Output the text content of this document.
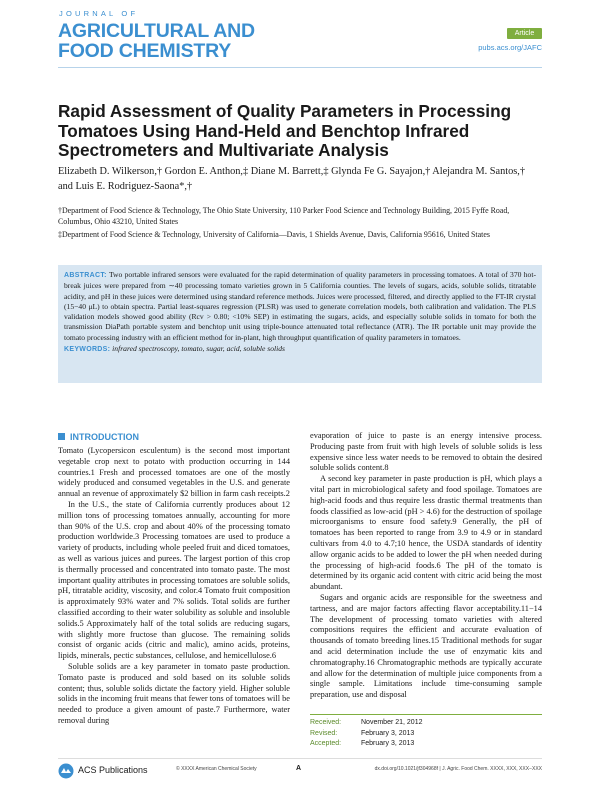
JOURNAL OF
AGRICULTURAL AND
FOOD CHEMISTRY
Article
pubs.acs.org/JAFC
Rapid Assessment of Quality Parameters in Processing Tomatoes Using Hand-Held and Benchtop Infrared Spectrometers and Multivariate Analysis
Elizabeth D. Wilkerson,† Gordon E. Anthon,‡ Diane M. Barrett,‡ Glynda Fe G. Sayajon,† Alejandra M. Santos,† and Luis E. Rodriguez-Saona*,†
†Department of Food Science & Technology, The Ohio State University, 110 Parker Food Science and Technology Building, 2015 Fyffe Road, Columbus, Ohio 43210, United States
‡Department of Food Science & Technology, University of California—Davis, 1 Shields Avenue, Davis, California 95616, United States
ABSTRACT: Two portable infrared sensors were evaluated for the rapid determination of quality parameters in processing tomatoes. A total of 370 hot-break juices were prepared from ∼40 processing tomato varieties grown in 5 California counties. The levels of sugars, acids, soluble solids, titratable acidity, and pH in these juices were determined using standard reference methods. Juices were processed, filtered, and directly applied to the FT-IR crystal (15−40 μL) to obtain spectra. Partial least-squares regression (PLSR) was used to generate correlation models, both calibration and validation. The PLS validation models showed good ability (Rcv > 0.80; <10% SEP) in estimating the sugars, acids, and especially soluble solids in tomato for both the transmission DiaPath portable system and benchtop unit using triple-bounce attenuated total reflectance (ATR). The IR portable unit may provide the tomato processing industry with an efficient method for in-plant, high throughput quantification of quality parameters in tomatoes.
KEYWORDS: infrared spectroscopy, tomato, sugar, acid, soluble solids
INTRODUCTION
Tomato (Lycopersicon esculentum) is the second most important vegetable crop next to potato with production occurring in 144 countries.1 Fresh and processed tomatoes are one of the mostly widely produced and consumed vegetables in the U.S. and generate annual an revenue of approximately $2 billion in farm cash receipts.2
In the U.S., the state of California currently produces about 12 million tons of processing tomatoes annually, accounting for more than 90% of the U.S. crop and about 40% of the processing tomato production worldwide.3 Processing tomatoes are used to produce a variety of products, including whole peeled fruit and diced tomatoes, as well as various juices and purees. The largest portion of this crop is thermally processed and concentrated into tomato paste. The most important quality attributes in processing tomatoes are soluble solids, pH, titratable acidity, viscosity, and color.4 Tomato fruit composition is approximately 93% water and 7% solids. Total solids are further classified according to their water solubility as soluble and insoluble solids.5 Approximately half of the total solids are reducing sugars, with slightly more fructose than glucose. The remaining solids consist of organic acids (citric and malic), amino acids, proteins, lipids, minerals, pectic substances, cellulose, and hemicellulose.6
Soluble solids are a key parameter in tomato paste production. Tomato paste is produced and sold based on its soluble solids content; thus, soluble solids dictate the factory yield. Higher soluble solids in the incoming fruit means that fewer tons of tomatoes will be needed to produce a given amount of paste.7 Furthermore, water removal during
evaporation of juice to paste is an energy intensive process. Producing paste from fruit with high levels of soluble solids is less expensive since less water needs to be removed to obtain the desired soluble solids content.8
A second key parameter in paste production is pH, which plays a vital part in microbiological safety and food spoilage. Tomatoes are high-acid foods and thus require less drastic thermal treatments than foods classified as low-acid (pH > 4.6) for the destruction of spoilage microorganisms to ensure food safety.9 Generally, the pH of tomatoes has been reported to range from 3.9 to 4.9 or in standard cultivars from 4.0 to 4.7;10 hence, the USDA standards of identity allow organic acids to be added to lower the pH when needed during the processing of high-acid foods.6 The pH of the tomato is determined by its organic acid content with citric acid being the most abundant.
Sugars and organic acids are responsible for the sweetness and tartness, and are major factors affecting flavor acceptability.11−14 The development of processing tomato varieties with altered compositions requires the efficient and accurate evaluation of thousands of tomato breeding lines.15 Traditional methods for sugar and acid determination include the use of enzymatic kits and chromatography.16 Chromatographic methods are typically accurate and allow for the determination of multiple juice components from a single sample. Limitations include time-consuming sample preparation, use and disposal
Received:	November 21, 2012
Revised:	February 3, 2013
Accepted:	February 3, 2013
ACS Publications	© XXXX American Chemical Society	A	dx.doi.org/10.1021/jf304968f | J. Agric. Food Chem. XXXX, XXX, XXX−XXX
